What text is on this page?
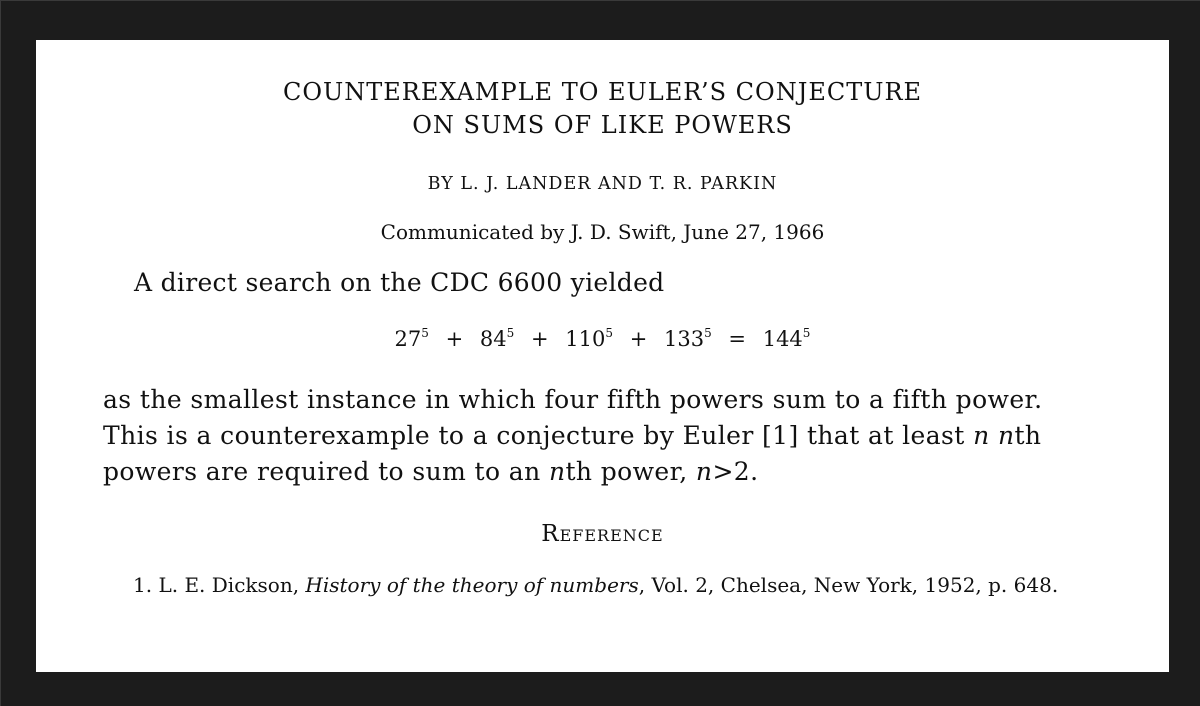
COUNTEREXAMPLE TO EULER’S CONJECTURE
ON SUMS OF LIKE POWERS
BY L. J. LANDER AND T. R. PARKIN
Communicated by J. D. Swift, June 27, 1966
A direct search on the CDC 6600 yielded
$27^5 + 84^5 + 110^5 + 133^5 = 144^5$
as the smallest instance in which four fifth powers sum to a fifth power. This is a counterexample to a conjecture by Euler [1] that at least n nth powers are required to sum to an nth power, n>2.
Reference
1. L. E. Dickson, History of the theory of numbers, Vol. 2, Chelsea, New York, 1952, p. 648.
